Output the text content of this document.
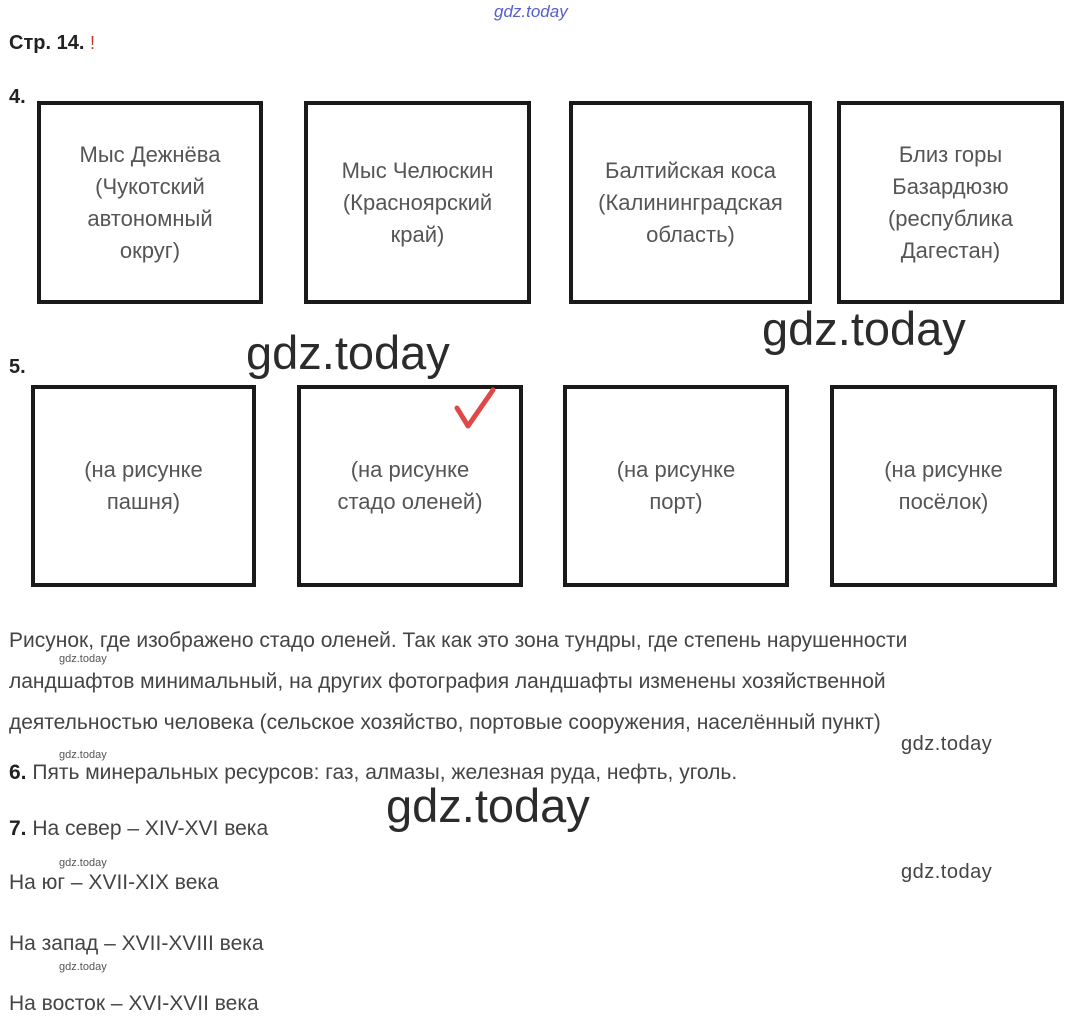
gdz.today
Стр. 14. !
4.
Мыс Дежнёва
(Чукотский
автономный
округ)
Мыс Челюскин
(Красноярский
край)
Балтийская коса
(Калининградская
область)
Близ горы
Базардюзю
(республика
Дагестан)
gdz.today
gdz.today
5.
(на рисунке
пашня)
(на рисунке
стадо оленей)
(на рисунке
порт)
(на рисунке
посёлок)
Рисунок, где изображено стадо оленей. Так как это зона тундры, где степень нарушенности
ландшафтов минимальный, на других фотография ландшафты изменены хозяйственной
деятельностью человека (сельское хозяйство, портовые сооружения, населённый пункт)
gdz.today
gdz.today
gdz.today
6. Пять минеральных ресурсов: газ, алмазы, железная руда, нефть, уголь.
gdz.today
7. На север – XIV-XVI века
gdz.today	gdz.today
На юг – XVII-XIX века
На запад – XVII-XVIII века
gdz.today
На восток – XVI-XVII века
